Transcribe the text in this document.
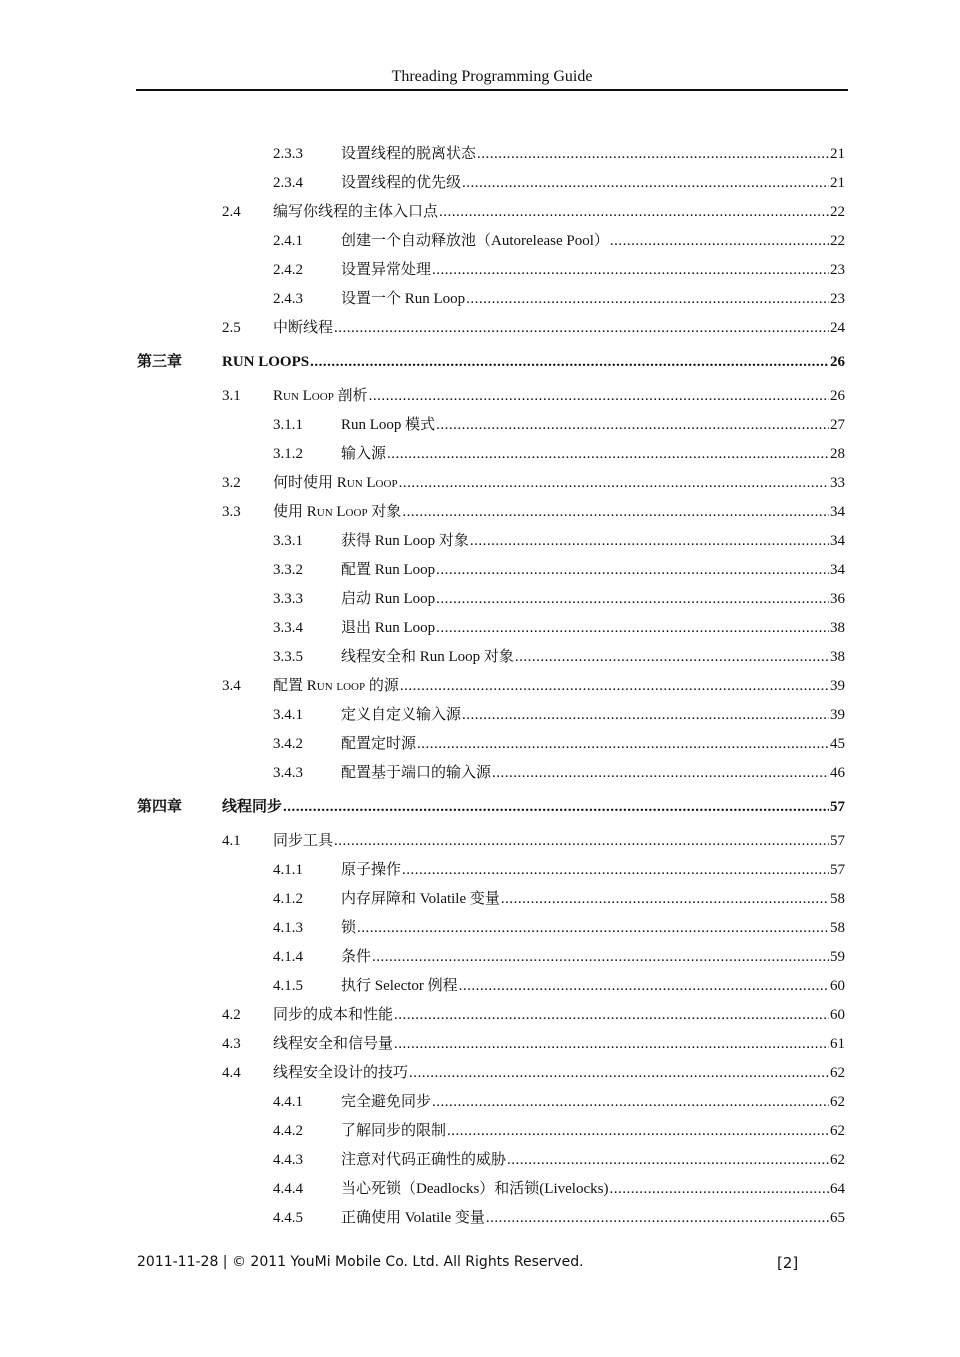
Threading Programming Guide
2.3.3	设置线程的脱离状态 .....	21
2.3.4	设置线程的优先级 .....	21
2.4 编写你线程的主体入口点 .....	22
2.4.1	创建一个自动释放池（Autorelease Pool） .....	22
2.4.2	设置异常处理 .....	23
2.4.3	设置一个 Run Loop .....	23
2.5 中断线程 .....	24
第三章	RUN LOOPS .....	26
3.1 Run Loop 剖析 .....	26
3.1.1	Run Loop 模式 .....	27
3.1.2	输入源 .....	28
3.2 何时使用 Run Loop .....	33
3.3 使用 Run Loop 对象 .....	34
3.3.1	获得 Run Loop 对象 .....	34
3.3.2	配置 Run Loop .....	34
3.3.3	启动 Run Loop .....	36
3.3.4	退出 Run Loop .....	38
3.3.5	线程安全和 Run Loop 对象 .....	38
3.4 配置 Run loop 的源 .....	39
3.4.1	定义自定义输入源 .....	39
3.4.2	配置定时源 .....	45
3.4.3	配置基于端口的输入源 .....	46
第四章	线程同步 .....	57
4.1 同步工具 .....	57
4.1.1	原子操作 .....	57
4.1.2	内存屏障和 Volatile 变量 .....	58
4.1.3	锁 .....	58
4.1.4	条件 .....	59
4.1.5	执行 Selector 例程 .....	60
4.2 同步的成本和性能 .....	60
4.3 线程安全和信号量 .....	61
4.4 线程安全设计的技巧 .....	62
4.4.1	完全避免同步 .....	62
4.4.2	了解同步的限制 .....	62
4.4.3	注意对代码正确性的威胁 .....	62
4.4.4	当心死锁（Deadlocks）和活锁(Livelocks) .....	64
4.4.5	正确使用 Volatile 变量 .....	65
2011-11-28 | © 2011 YouMi Mobile Co. Ltd. All Rights Reserved.	[2]
